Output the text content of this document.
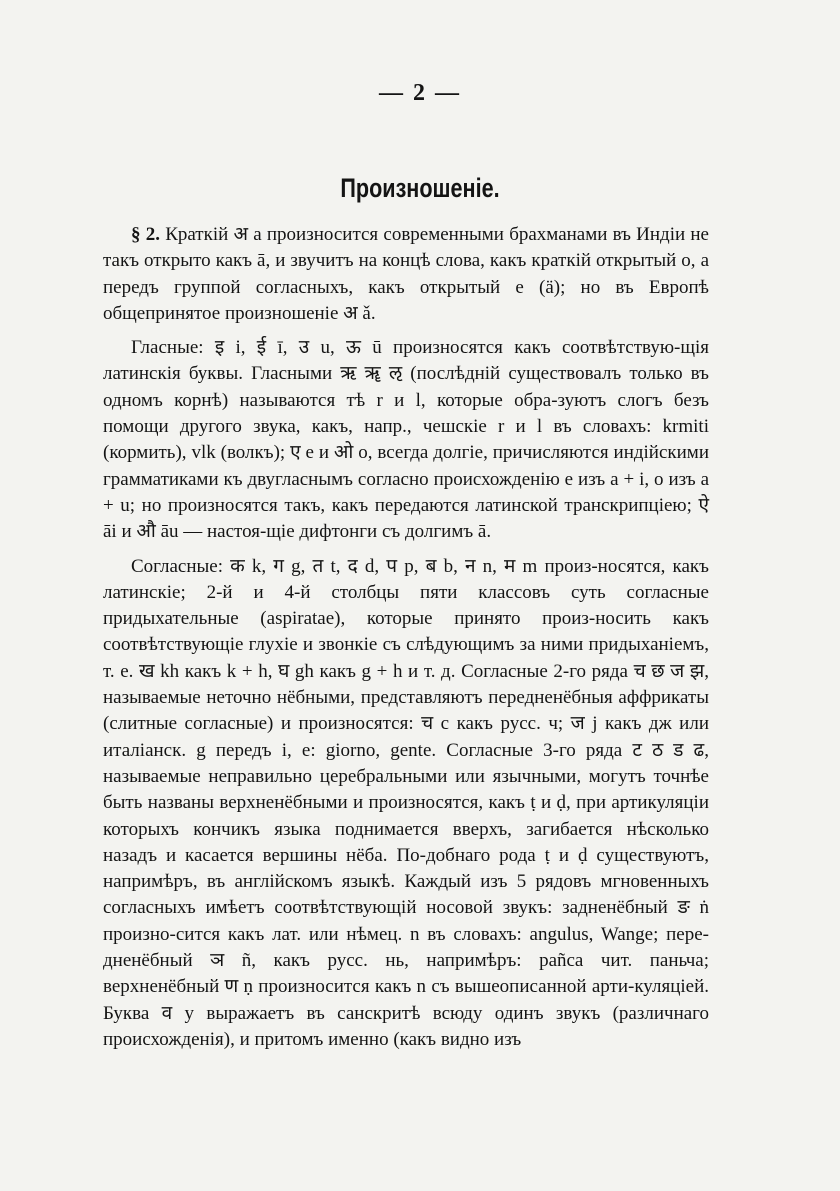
— 2 —
Произношеніе.

§ 2. Краткій अ а произносится современными брахманами въ Индіи не такъ открыто какъ ā, и звучитъ на концѣ слова, какъ краткій открытый о, а передъ группой согласныхъ, какъ открытый е (ä); но въ Европѣ общепринятое произношеніе अ ǎ.

Гласные: इ i, ई ī, उ u, ऊ ū произносятся какъ соотвѣтствую-щія латинскія буквы. Гласными ऋ ॠ ऌ (послѣдній существовалъ только въ одномъ корнѣ) называются тѣ r и l, которые обра-зуютъ слогъ безъ помощи другого звука, какъ, напр., чешскіе r и l въ словахъ: krmiti (кормить), vlk (волкъ); ए e и ओ o, всегда долгіе, причисляются индійскими грамматиками къ двугласнымъ согласно происхожденію e изъ a + i, o изъ a + u; но произносятся такъ, какъ передаются латинской транскрипціею; ऐ āi и औ āu — настоя-щіе дифтонги съ долгимъ ā.

Согласные: क k, ग g, त t, द d, प p, ब b, न n, म m произ-носятся, какъ латинскіе; 2-й и 4-й столбцы пяти классовъ суть согласные придыхательные (aspiratae), которые принято произ-носить какъ соотвѣтствующіе глухіе и звонкіе съ слѣдующимъ за ними придыханіемъ, т. е. ख kh какъ k + h, घ gh какъ g + h и т. д. Согласные 2-го ряда च छ ज झ, называемые неточно нёбными, представляютъ передненёбныя аффрикаты (слитные согласные) и произносятся: च c какъ русс. ч; ज j какъ дж или италіанск. g передъ i, e: giorno, gente. Согласные 3-го ряда ट ठ ड ढ, называемые неправильно церебральными или язычными, могутъ точнѣе быть названы верхненёбными и произносятся, какъ ṭ и ḍ, при артикуляціи которыхъ кончикъ языка поднимается вверхъ, загибается нѣсколько назадъ и касается вершины нёба. По-добнаго рода ṭ и ḍ существуютъ, напримѣръ, въ англійскомъ языкѣ. Каждый изъ 5 рядовъ мгновенныхъ согласныхъ имѣетъ соотвѣтствующій носовой звукъ: задненёбный ङ ṅ произно-сится какъ лат. или нѣмец. n въ словахъ: angulus, Wange; пере-дненёбный ञ ñ, какъ русс. нь, напримѣръ: pañca чит. паньча; верхненёбный ण ṇ произносится какъ n съ вышеописанной арти-куляціей. Буква व у выражаетъ въ санскритѣ всюду одинъ звукъ (различнаго происхожденія), и притомъ именно (какъ видно изъ
